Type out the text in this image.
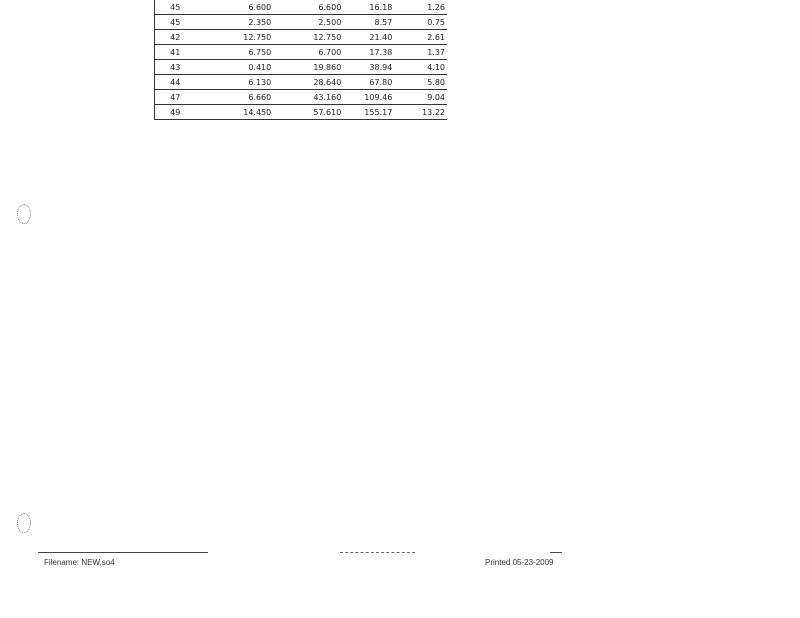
45	6.600	6.600	16.18	1.26
45	2.350	2.500	8.57	0.75
42	12.750	12.750	21.40	2.61
41	6.750	6.700	17.38	1.37
43	0.410	19.860	38.94	4.10
44	6.130	28.640	67.80	5.80
47	6.660	43.160	109.46	9.04
49	14.450	57.610	155.17	13.22
Filename: NEW.so4	Printed 05-23-2009
